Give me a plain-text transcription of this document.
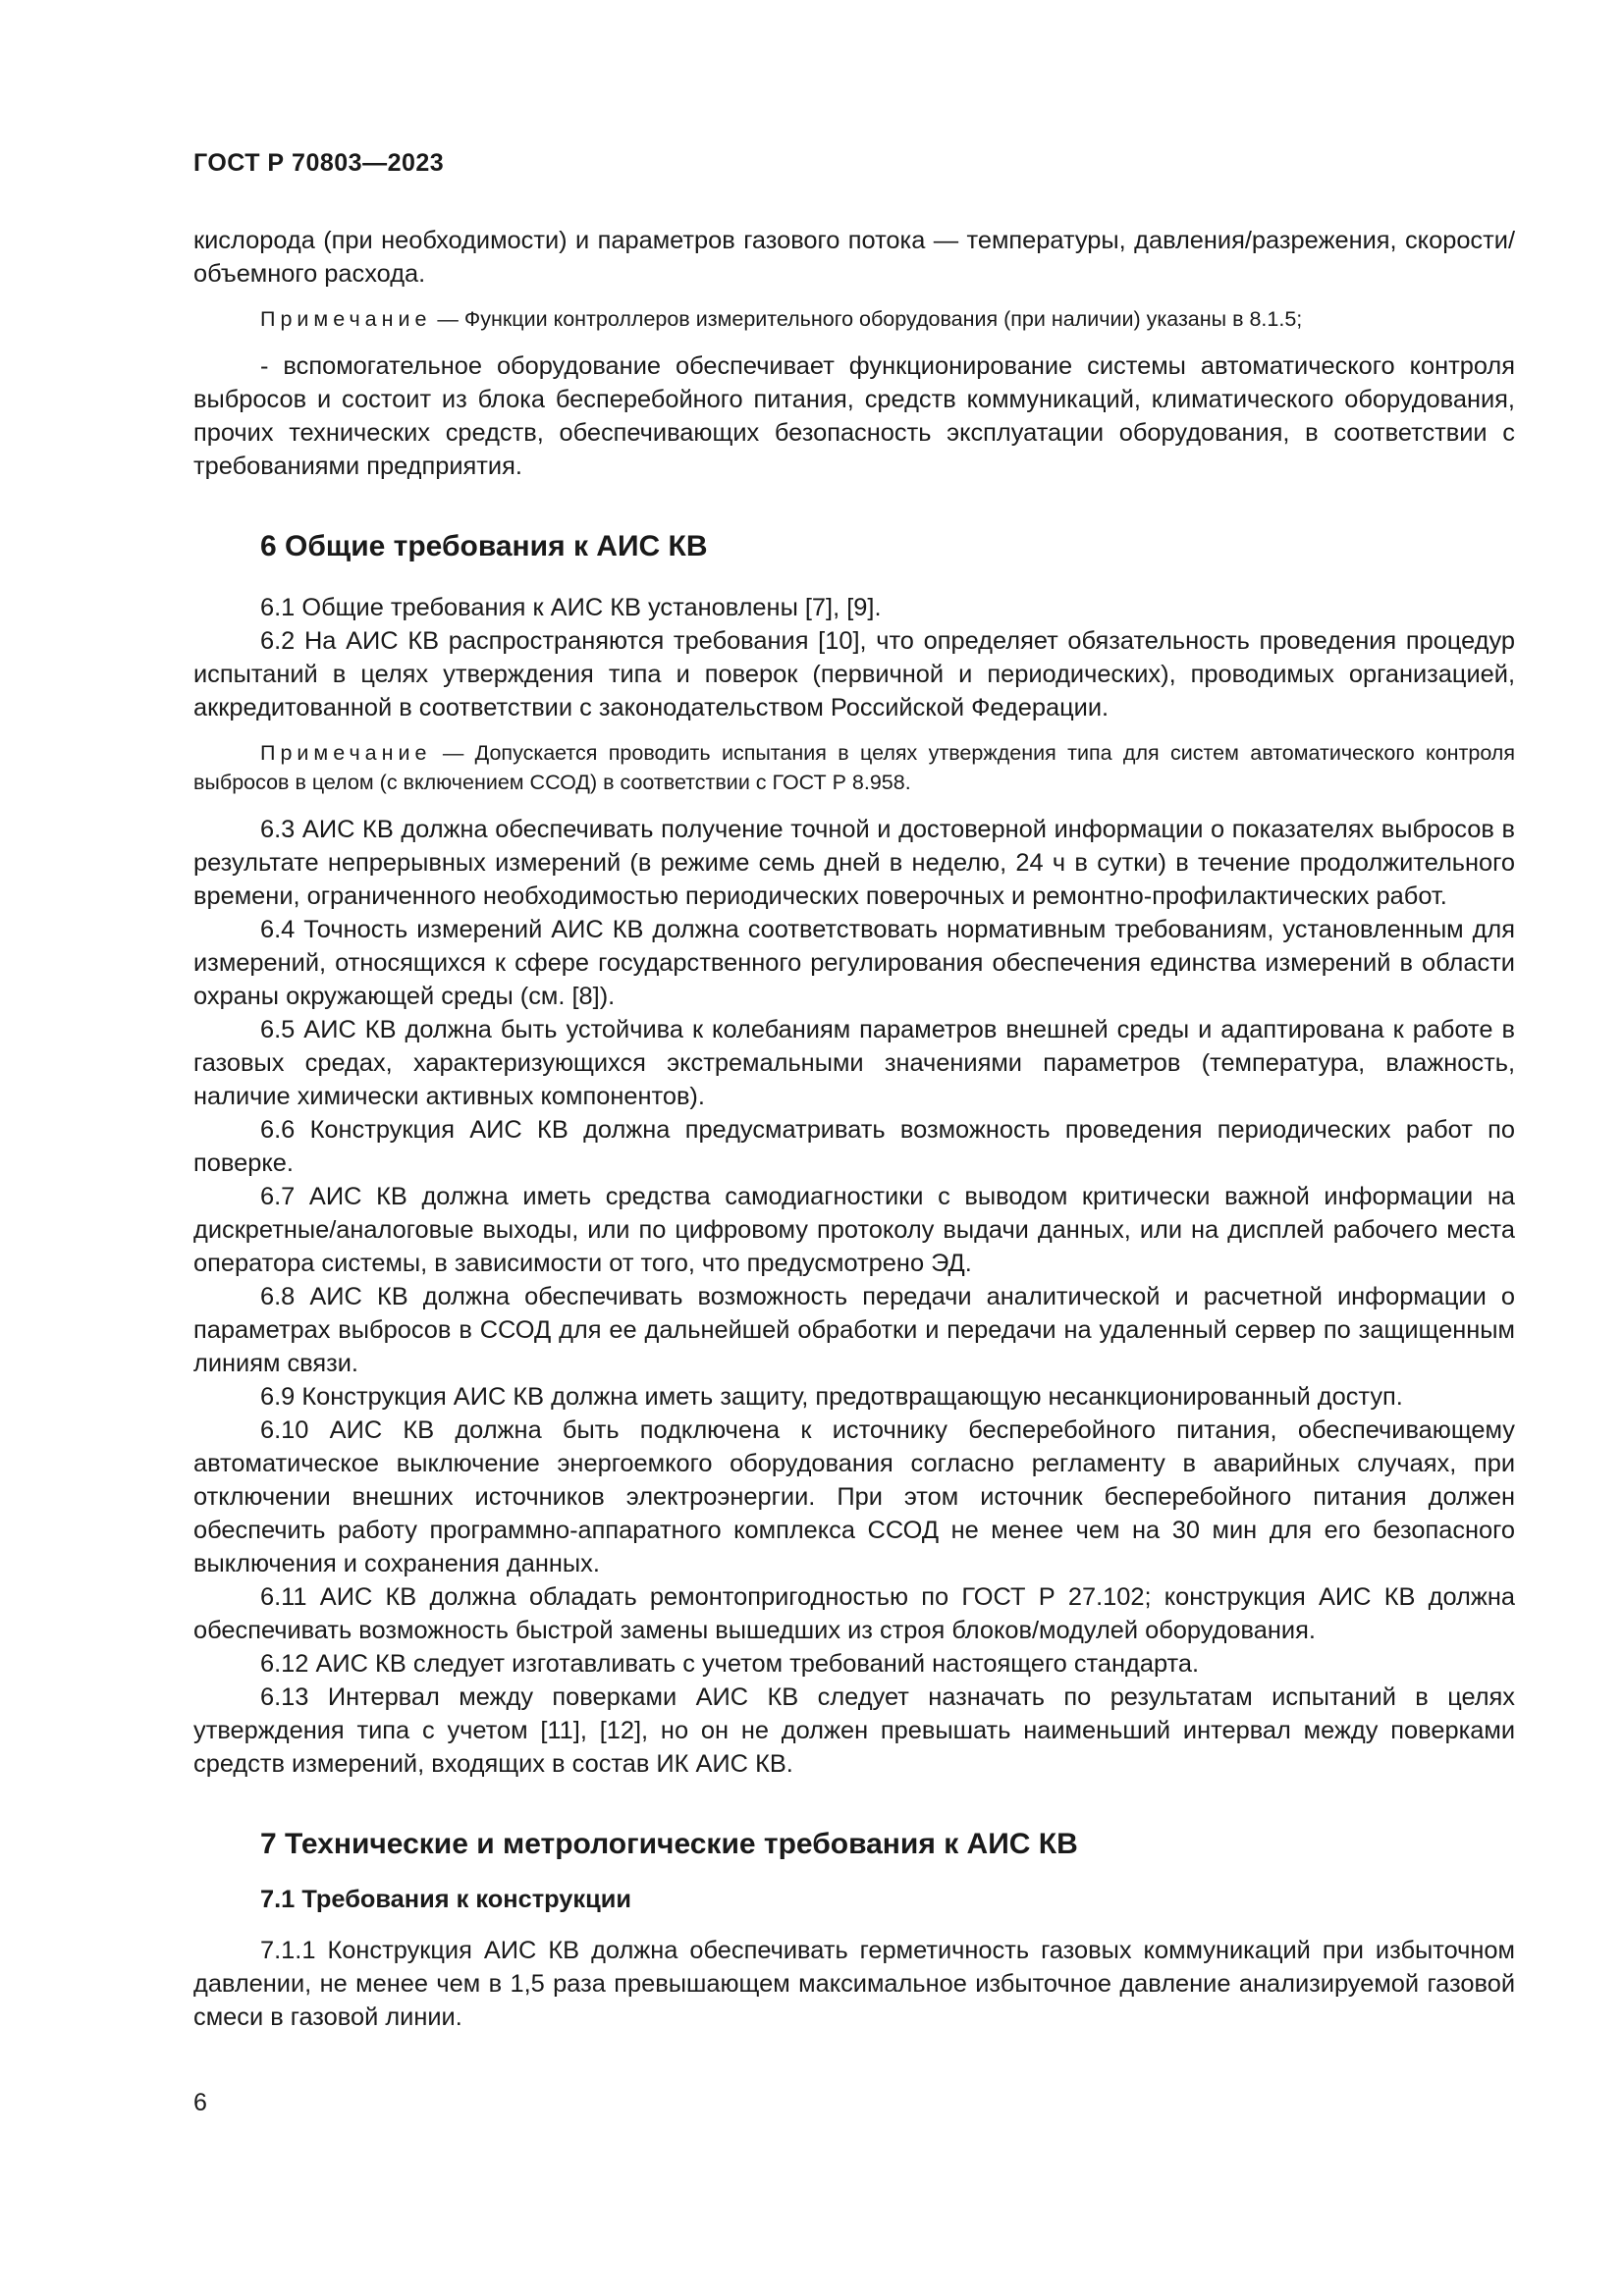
ГОСТ Р 70803—2023

кислорода (при необходимости) и параметров газового потока — температуры, давления/разрежения, скорости/объемного расхода.

Примечание — Функции контроллеров измерительного оборудования (при наличии) указаны в 8.1.5;

- вспомогательное оборудование обеспечивает функционирование системы автоматического контроля выбросов и состоит из блока бесперебойного питания, средств коммуникаций, климатического оборудования, прочих технических средств, обеспечивающих безопасность эксплуатации оборудования, в соответствии с требованиями предприятия.

6 Общие требования к АИС КВ

6.1 Общие требования к АИС КВ установлены [7], [9].

6.2 На АИС КВ распространяются требования [10], что определяет обязательность проведения процедур испытаний в целях утверждения типа и поверок (первичной и периодических), проводимых организацией, аккредитованной в соответствии с законодательством Российской Федерации.

Примечание — Допускается проводить испытания в целях утверждения типа для систем автоматического контроля выбросов в целом (с включением ССОД) в соответствии с ГОСТ Р 8.958.

6.3 АИС КВ должна обеспечивать получение точной и достоверной информации о показателях выбросов в результате непрерывных измерений (в режиме семь дней в неделю, 24 ч в сутки) в течение продолжительного времени, ограниченного необходимостью периодических поверочных и ремонтно-профилактических работ.

6.4 Точность измерений АИС КВ должна соответствовать нормативным требованиям, установленным для измерений, относящихся к сфере государственного регулирования обеспечения единства измерений в области охраны окружающей среды (см. [8]).

6.5 АИС КВ должна быть устойчива к колебаниям параметров внешней среды и адаптирована к работе в газовых средах, характеризующихся экстремальными значениями параметров (температура, влажность, наличие химически активных компонентов).

6.6 Конструкция АИС КВ должна предусматривать возможность проведения периодических работ по поверке.

6.7 АИС КВ должна иметь средства самодиагностики с выводом критически важной информации на дискретные/аналоговые выходы, или по цифровому протоколу выдачи данных, или на дисплей рабочего места оператора системы, в зависимости от того, что предусмотрено ЭД.

6.8 АИС КВ должна обеспечивать возможность передачи аналитической и расчетной информации о параметрах выбросов в ССОД для ее дальнейшей обработки и передачи на удаленный сервер по защищенным линиям связи.

6.9 Конструкция АИС КВ должна иметь защиту, предотвращающую несанкционированный доступ.

6.10 АИС КВ должна быть подключена к источнику бесперебойного питания, обеспечивающему автоматическое выключение энергоемкого оборудования согласно регламенту в аварийных случаях, при отключении внешних источников электроэнергии. При этом источник бесперебойного питания должен обеспечить работу программно-аппаратного комплекса ССОД не менее чем на 30 мин для его безопасного выключения и сохранения данных.

6.11 АИС КВ должна обладать ремонтопригодностью по ГОСТ Р 27.102; конструкция АИС КВ должна обеспечивать возможность быстрой замены вышедших из строя блоков/модулей оборудования.

6.12 АИС КВ следует изготавливать с учетом требований настоящего стандарта.

6.13 Интервал между поверками АИС КВ следует назначать по результатам испытаний в целях утверждения типа с учетом [11], [12], но он не должен превышать наименьший интервал между поверками средств измерений, входящих в состав ИК АИС КВ.

7 Технические и метрологические требования к АИС КВ
7.1 Требования к конструкции

7.1.1 Конструкция АИС КВ должна обеспечивать герметичность газовых коммуникаций при избыточном давлении, не менее чем в 1,5 раза превышающем максимальное избыточное давление анализируемой газовой смеси в газовой линии.

6
